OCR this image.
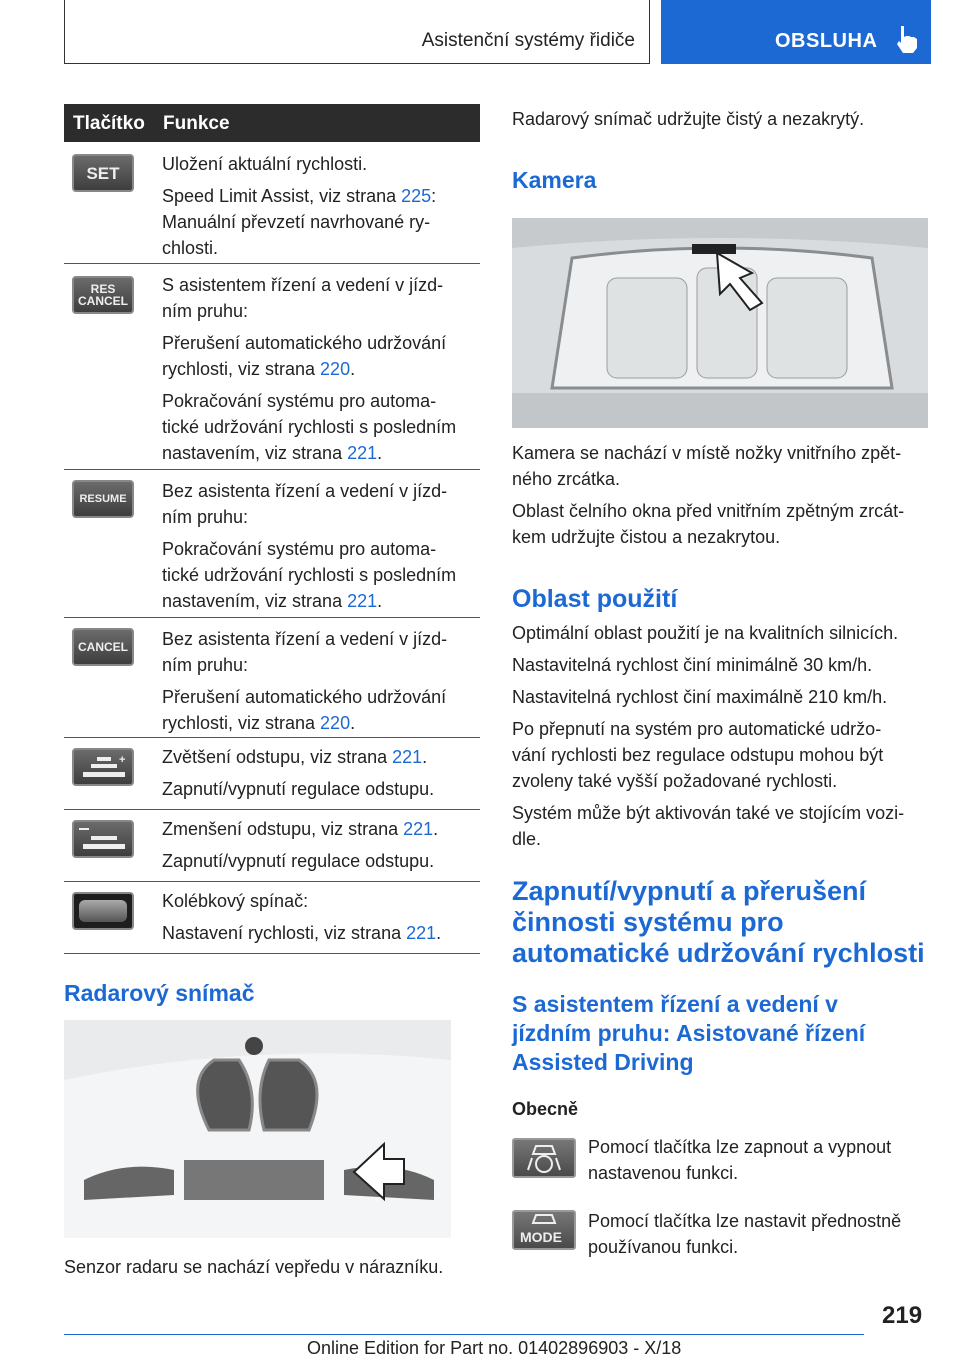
Asistenční systémy řidiče	OBSLUHA
Tlačítko Funkce
SET Uložení aktuální rychlosti.

Speed Limit Assist, viz strana 225:
Manuální převzetí navrhované ry-
chlosti.
RES
CANCEL
S asistentem řízení a vedení v jízd-

ním pruhu:

Přerušení automatického udržování

rychlosti, viz strana 220.

Pokračování systému pro automa-
tické udržování rychlosti s posledním
nastavením, viz strana 221.
RESUME Bez asistenta řízení a vedení v jízd-

ním pruhu:

Pokračování systému pro automa-
tické udržování rychlosti s posledním
nastavením, viz strana 221.
CANCEL Bez asistenta řízení a vedení v jízd-

ním pruhu:

Přerušení automatického udržování
rychlosti, viz strana 220.
+ Zvětšení odstupu, viz strana 221.

Zapnutí/vypnutí regulace odstupu.

Zmenšení odstupu, viz strana 221.

Zapnutí/vypnutí regulace odstupu.

Kolébkový spínač:

Nastavení rychlosti, viz strana 221.
Radarový snímač
Senzor radaru se nachází vepředu v nárazníku.
Radarový snímač udržujte čistý a nezakrytý.
Kamera
Kamera se nachází v místě nožky vnitřního zpět-

ného zrcátka.

Oblast čelního okna před vnitřním zpětným zrcát-
kem udržujte čistou a nezakrytou.
Oblast použití

Optimální oblast použití je na kvalitních silnicích.

Nastavitelná rychlost činí minimálně 30 km/h.

Nastavitelná rychlost činí maximálně 210 km/h.

Po přepnutí na systém pro automatické udržo-
vání rychlosti bez regulace odstupu mohou být

zvoleny také vyšší požadované rychlosti.

Systém může být aktivován také ve stojícím vozi-
dle.
Zapnutí/vypnutí a přerušení
činnosti systému pro
automatické udržování rychlosti
S asistentem řízení a vedení v
jízdním pruhu: Asistované řízení
Assisted Driving
Obecně
Pomocí tlačítka lze zapnout a vypnout
nastavenou funkci.
MODE
Pomocí tlačítka lze nastavit přednostně
používanou funkci.
219
Online Edition for Part no. 01402896903 - X/18
